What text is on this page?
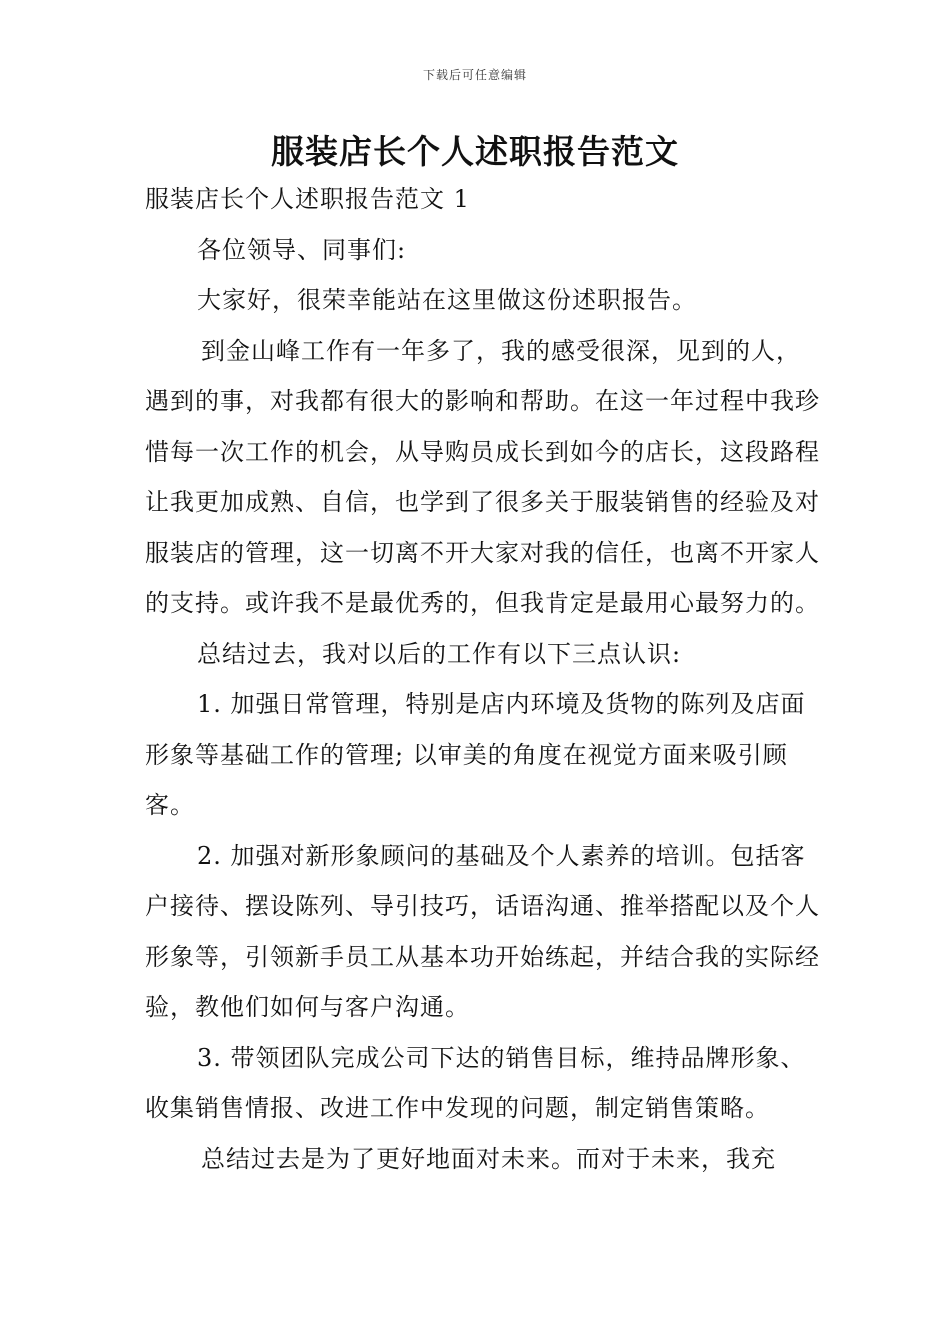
下载后可任意编辑
服装店长个人述职报告范文

服装店长个人述职报告范文 1

各位领导、同事们:

大家好，很荣幸能站在这里做这份述职报告。

到金山峰工作有一年多了，我的感受很深，见到的人，遇到的事，对我都有很大的影响和帮助。在这一年过程中我珍惜每一次工作的机会，从导购员成长到如今的店长，这段路程让我更加成熟、自信，也学到了很多关于服装销售的经验及对服装店的管理，这一切离不开大家对我的信任，也离不开家人的支持。或许我不是最优秀的，但我肯定是最用心最努力的。

总结过去，我对以后的工作有以下三点认识:

1. 加强日常管理，特别是店内环境及货物的陈列及店面形象等基础工作的管理; 以审美的角度在视觉方面来吸引顾客。

2. 加强对新形象顾问的基础及个人素养的培训。包括客户接待、摆设陈列、导引技巧，话语沟通、推举搭配以及个人形象等，引领新手员工从基本功开始练起，并结合我的实际经验，教他们如何与客户沟通。

3. 带领团队完成公司下达的销售目标，维持品牌形象、收集销售情报、改进工作中发现的问题，制定销售策略。

总结过去是为了更好地面对未来。而对于未来，我充
